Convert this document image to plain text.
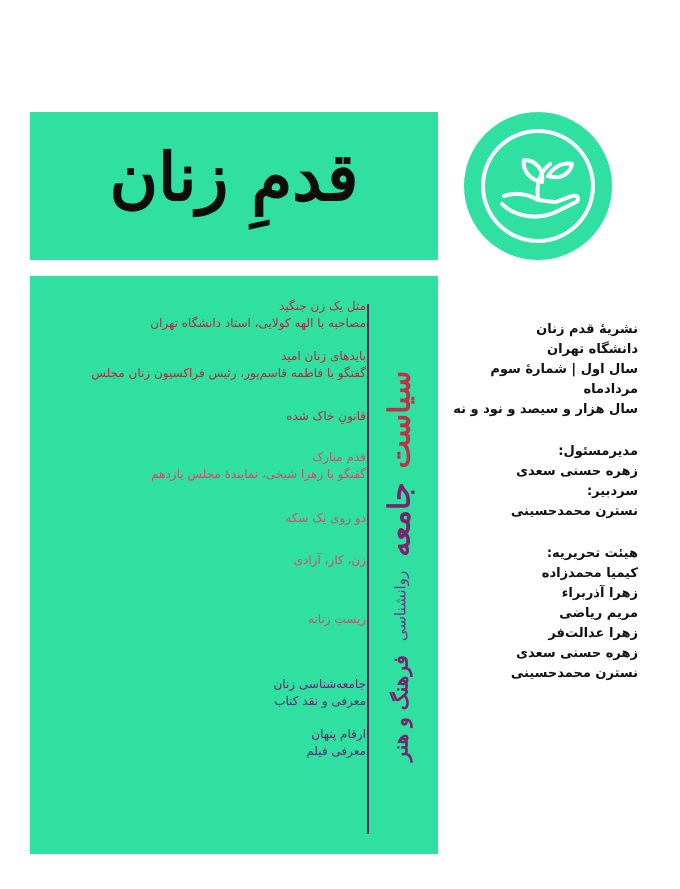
قدمِ زنان
مثل یک زن جنگید
مصاحبه با الهه کولایی، استاد دانشگاه تهران
بایدهای زنان امید
گفتگو با فاطمه قاسم‌پور، رئیس فراکسیون زنان مجلس
قانونِ خاک شده
قدم مبارک
گفتگو با زهرا شیخی، نمایندهٔ مجلس یازدهم
دو روی یک سکه
زن، کار، آزادی
زیستِ زنانه
جامعه‌شناسی زنان
معرفی و نقد کتاب
ارقام پنهان
معرفی فیلم
سیاست
جامعه
روانشناسی
فرهنگ و هنر

نشریهٔ قدم زنان

دانشگاه تهران

سال اول | شمارهٔ سوم

مردادماه

سال هزار و سیصد و نود و نه

مدیرمسئول:

زهره حسنی سعدی

سردبیر:

نسترن محمدحسینی

هیئت تحریریه:

کیمیا محمدزاده

زهرا آذربراء

مریم ریاضی

زهرا عدالت‌فر

زهره حسنی سعدی

نسترن محمدحسینی
